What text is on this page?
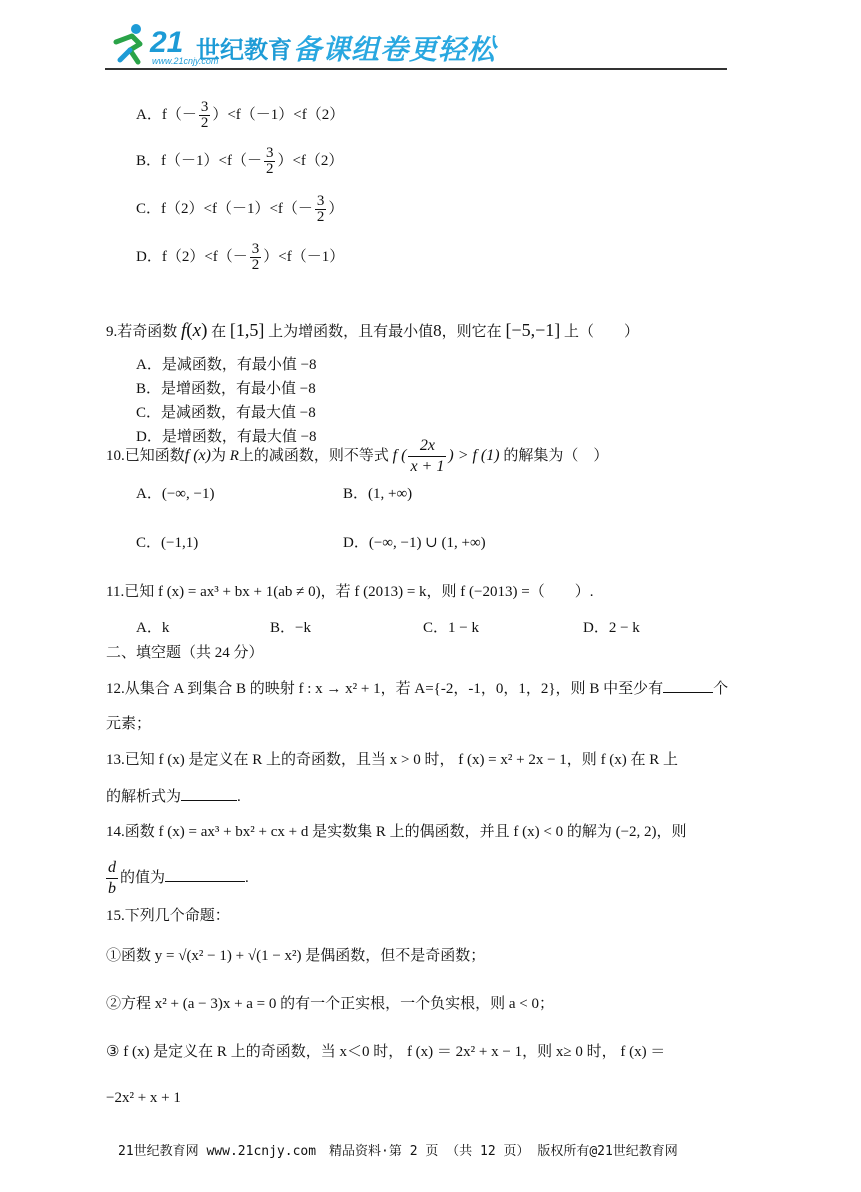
21 世纪教育
www.21cnjy.com	备课组卷更轻松
A．$f(- \frac{3}{2} )<f(-1)<f(2)$
B．$f(-1)<f(- \frac{3}{2} )<f(2)$
C．$f(2)<f(-1)<f(- \frac{3}{2}$ ）
D．$f(2)<f(- \frac{3}{2} )<f(-1)$
9.若奇函数 f(x) 在 [1,5] 上为增函数，且有最小值8，则它在 [−5,−1] 上（　　）
A．是减函数，有最小值 −8
B．是增函数，有最小值 −8
C．是减函数，有最大值 −8
D．是增函数，有最大值 −8
10.已知函数f (x)为 R上的减函数，则不等式 f ( $\frac{2x}{x + 1}$ ) > f (1) 的解集为（　）
A．(−∞, −1)	B．(1, +∞)
C．(−1,1)	D．(−∞, −1) ∪ (1, +∞)
11.已知 f (x) = ax³ + bx + 1(ab ≠ 0)，若 f (2013) = k，则 f (−2013) =（　　）.
A．k	B．−k	C．1 − k	D．2 − k
二、填空题（共 24 分）
12.从集合 A 到集合 B 的映射 f : x → x² + 1，若 A={-2，-1，0，1，2}，则 B 中至少有	个
元素；
13.已知 f (x) 是定义在 R 上的奇函数，且当 x > 0 时， f (x) = x² + 2x − 1，则 f (x) 在 R 上
的解析式为	.
14.函数 f (x) = ax³ + bx² + cx + d 是实数集 R 上的偶函数，并且 f (x) < 0 的解为 (−2, 2)，则
$\frac{d}{b}$ 的值为	.
15.下列几个命题：
①函数 y = √(x² − 1) + √(1 − x²) 是偶函数，但不是奇函数；
②方程 x² + (a − 3)x + a = 0 的有一个正实根，一个负实根，则 a < 0；
③ f (x) 是定义在 R 上的奇函数，当 x＜0 时， f (x) ＝ 2x² + x − 1，则 x≥ 0 时， f (x) ＝
−2x² + x + 1
21世纪教育网 www.21cnjy.com　精品资料·第 2 页 （共 12 页） 版权所有@21世纪教育网
